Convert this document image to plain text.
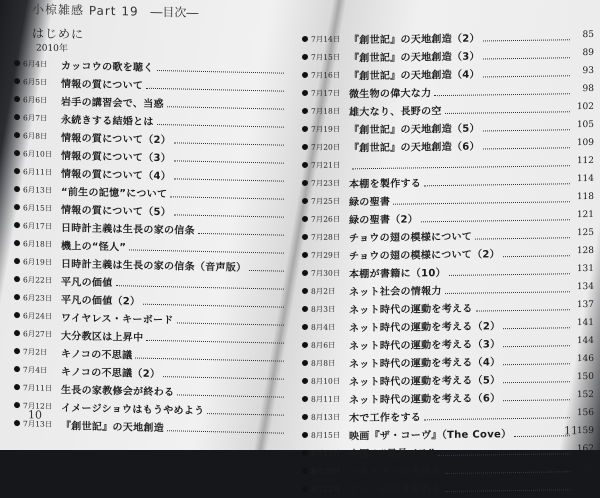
小椋雑感 Part 19 ―目次―
はじめに
2010年
6月4日	カッコウの歌を聴く
6月5日	情報の質について
6月6日	岩手の講習会で、当惑
6月7日	永続きする結婚とは
6月8日	情報の質について（2）
6月10日 情報の質について（3）
6月11日 情報の質について（4）
6月13日 “前生の記憶”について
6月15日 情報の質について（5）
6月17日 日時計主義は生長の家の信条
6月18日 機上の“怪人”
6月19日 日時計主義は生長の家の信条（音声版）
6月22日 平凡の価値
6月23日 平凡の価値（2）
6月24日 ワイヤレス・キーボード
6月27日 大分教区は上昇中
7月2日	キノコの不思議
7月4日	キノコの不思議（2）
7月11日 生長の家教修会が終わる
7月12日 イメージショウはもうやめよう
7月13日 『創世記』の天地創造
10
7月14日 『創世記』の天地創造（2）	85
7月15日 『創世記』の天地創造（3）	89
7月16日 『創世記』の天地創造（4）	93
7月17日 微生物の偉大な力	98
7月18日 雄大なり、長野の空	102
7月19日 『創世記』の天地創造（5）	105
7月20日 『創世記』の天地創造（6）	109
7月21日	112
7月23日 本棚を製作する	114
7月25日 緑の聖書	118
7月26日 緑の聖書（2）	121
7月28日 チョウの翅の模様について	125
7月29日 チョウの翅の模様について（2）	128
7月30日 本棚が書籍に（10）	131
8月2日	ネット社会の情報力	134
8月3日	ネット時代の運動を考える	137
8月4日	ネット時代の運動を考える（2）	141
8月6日	ネット時代の運動を考える（3）	144
8月8日	ネット時代の運動を考える（4）	146
8月10日 ネット時代の運動を考える（5）	150
8月11日 ネット時代の運動を考える（6）	152
8月13日 木で工作をする	156
8月15日 映画『ザ・コーヴ』（The Cove）	159
8月17日 中国の“足長バス”	162
8月20日 パキスタンの大洪水	166
8月22日 アラシが吹き荒れる
11
